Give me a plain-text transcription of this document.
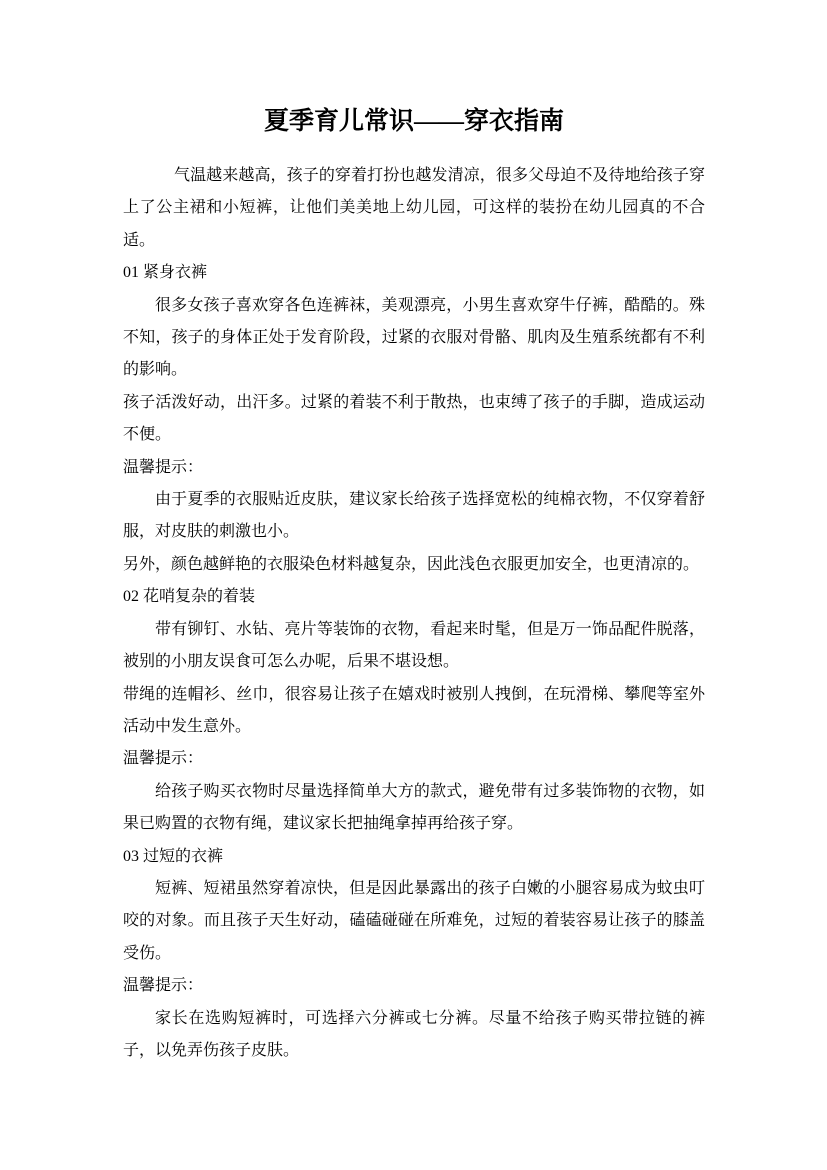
夏季育儿常识——穿衣指南

气温越来越高，孩子的穿着打扮也越发清凉，很多父母迫不及待地给孩子穿上了公主裙和小短裤，让他们美美地上幼儿园，可这样的装扮在幼儿园真的不合适。

01 紧身衣裤

很多女孩子喜欢穿各色连裤袜，美观漂亮，小男生喜欢穿牛仔裤，酷酷的。殊不知，孩子的身体正处于发育阶段，过紧的衣服对骨骼、肌肉及生殖系统都有不利的影响。

孩子活泼好动，出汗多。过紧的着装不利于散热，也束缚了孩子的手脚，造成运动不便。

温馨提示：

由于夏季的衣服贴近皮肤，建议家长给孩子选择宽松的纯棉衣物，不仅穿着舒服，对皮肤的刺激也小。

另外，颜色越鲜艳的衣服染色材料越复杂，因此浅色衣服更加安全，也更清凉的。

02 花哨复杂的着装

带有铆钉、水钻、亮片等装饰的衣物，看起来时髦，但是万一饰品配件脱落，被别的小朋友误食可怎么办呢，后果不堪设想。

带绳的连帽衫、丝巾，很容易让孩子在嬉戏时被别人拽倒，在玩滑梯、攀爬等室外活动中发生意外。

温馨提示：

给孩子购买衣物时尽量选择简单大方的款式，避免带有过多装饰物的衣物，如果已购置的衣物有绳，建议家长把抽绳拿掉再给孩子穿。

03 过短的衣裤

短裤、短裙虽然穿着凉快，但是因此暴露出的孩子白嫩的小腿容易成为蚊虫叮咬的对象。而且孩子天生好动，磕磕碰碰在所难免，过短的着装容易让孩子的膝盖受伤。

温馨提示：

家长在选购短裤时，可选择六分裤或七分裤。尽量不给孩子购买带拉链的裤子，以免弄伤孩子皮肤。
